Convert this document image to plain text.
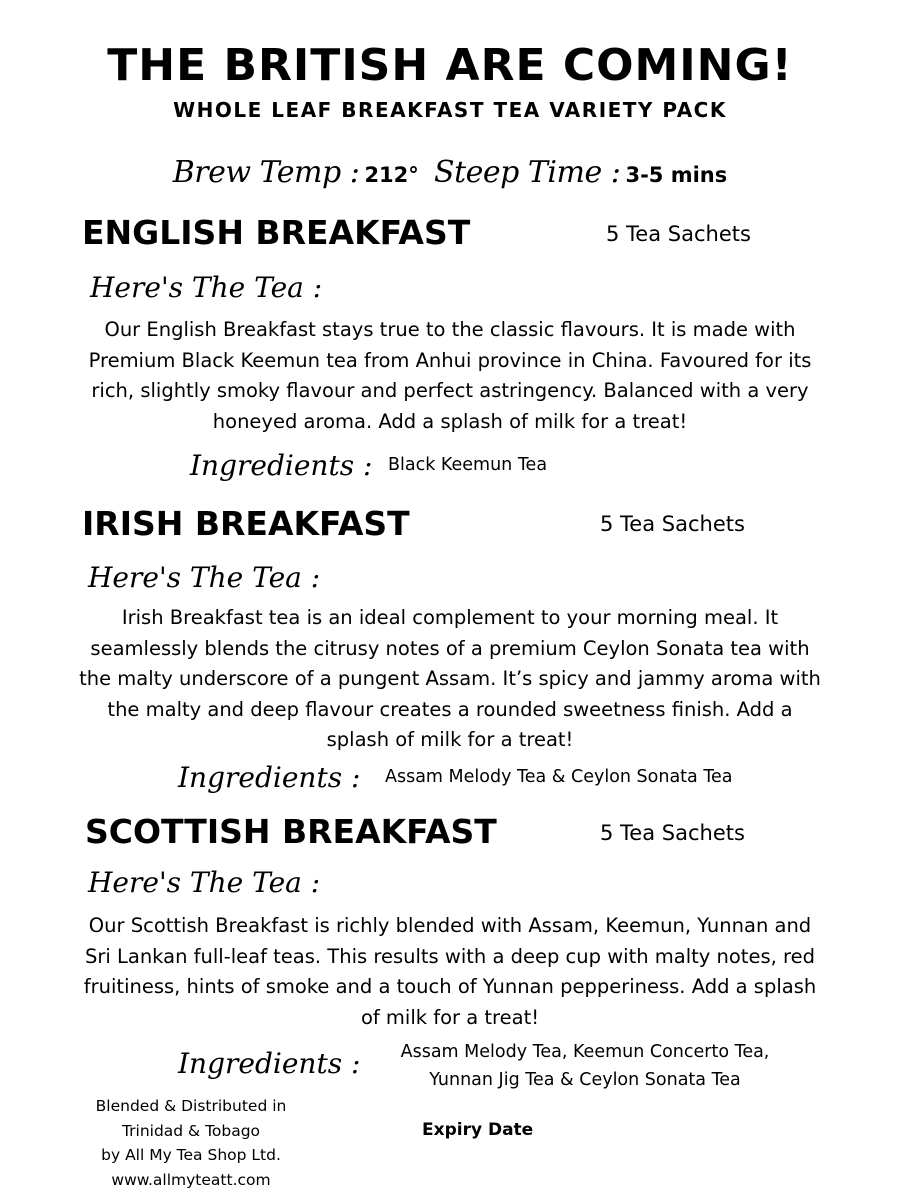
THE BRITISH ARE COMING!
WHOLE LEAF BREAKFAST TEA VARIETY PACK
Brew Temp : 212° Steep Time : 3-5 mins
ENGLISH BREAKFAST	5 Tea Sachets
Here's The Tea :
Our English Breakfast stays true to the classic flavours. It is made with Premium Black Keemun tea from Anhui province in China. Favoured for its rich, slightly smoky flavour and perfect astringency. Balanced with a very honeyed aroma. Add a splash of milk for a treat!
Ingredients : Black Keemun Tea
IRISH BREAKFAST	5 Tea Sachets
Here's The Tea :
Irish Breakfast tea is an ideal complement to your morning meal. It seamlessly blends the citrusy notes of a premium Ceylon Sonata tea with the malty underscore of a pungent Assam. It’s spicy and jammy aroma with the malty and deep flavour creates a rounded sweetness finish. Add a splash of milk for a treat!
Ingredients : Assam Melody Tea & Ceylon Sonata Tea
SCOTTISH BREAKFAST	5 Tea Sachets
Here's The Tea :
Our Scottish Breakfast is richly blended with Assam, Keemun, Yunnan and Sri Lankan full-leaf teas. This results with a deep cup with malty notes, red fruitiness, hints of smoke and a touch of Yunnan pepperiness. Add a splash of milk for a treat!
Ingredients :	Assam Melody Tea, Keemun Concerto Tea,
Yunnan Jig Tea & Ceylon Sonata Tea
Blended & Distributed in
Trinidad & Tobago
by All My Tea Shop Ltd.
www.allmyteatt.com
Expiry Date
